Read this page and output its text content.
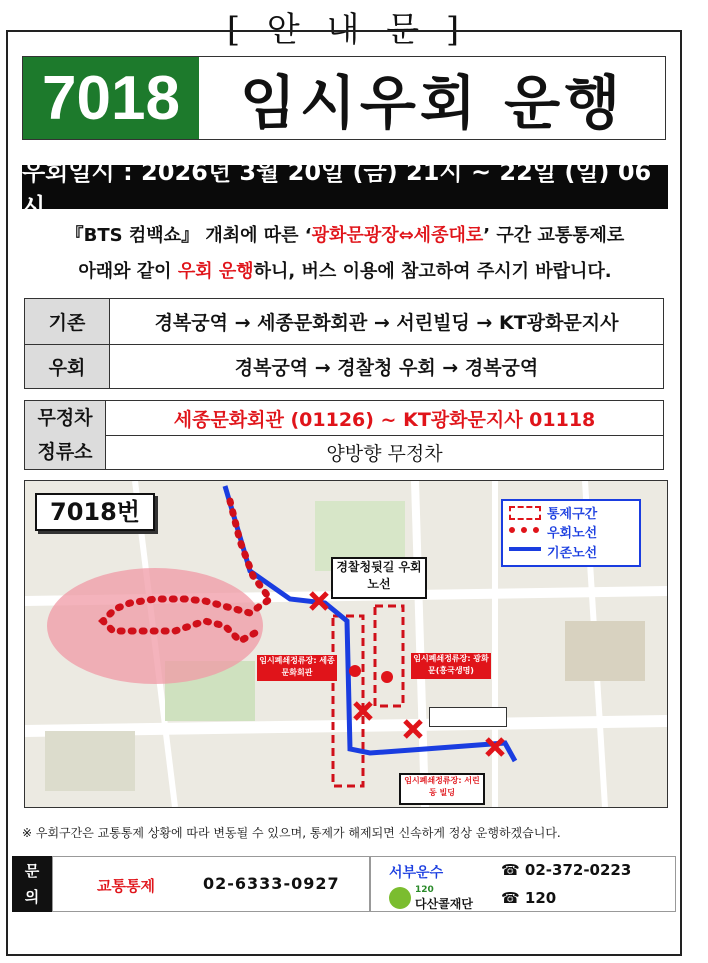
[ 안 내 문 ]
7018	임시우회 운행
우회일시 : 2026년 3월 20일 (금) 21시 ~ 22일 (일) 06시
『BTS 컴백쇼』 개최에 따른 ‘광화문광장⇔세종대로’ 구간 교통통제로
아래와 같이 우회 운행하니, 버스 이용에 참고하여 주시기 바랍니다.
기존	경복궁역 → 세종문화회관 → 서린빌딩 → KT광화문지사
우회	경복궁역 → 경찰청 우회 → 경복궁역
무정차
정류소
	세종문화회관 (01126) ~ KT광화문지사 01118
양방향 무정차
7018번	통제구간
우회노선
기존노선
경찰청뒷길 우회노선
임시폐쇄정류장: 세종문화회관
임시폐쇄정류장: 광화문(흥국생명)
임시폐쇄정류장: 서린동 빌딩
※ 우회구간은 교통통제 상황에 따라 변동될 수 있으며, 통제가 해제되면 신속하게 정상 운행하겠습니다.
문
의
교통통제	02-6333-0927
서부운수	☎ 02-372-0223
120
다산콜재단 ☎ 120
